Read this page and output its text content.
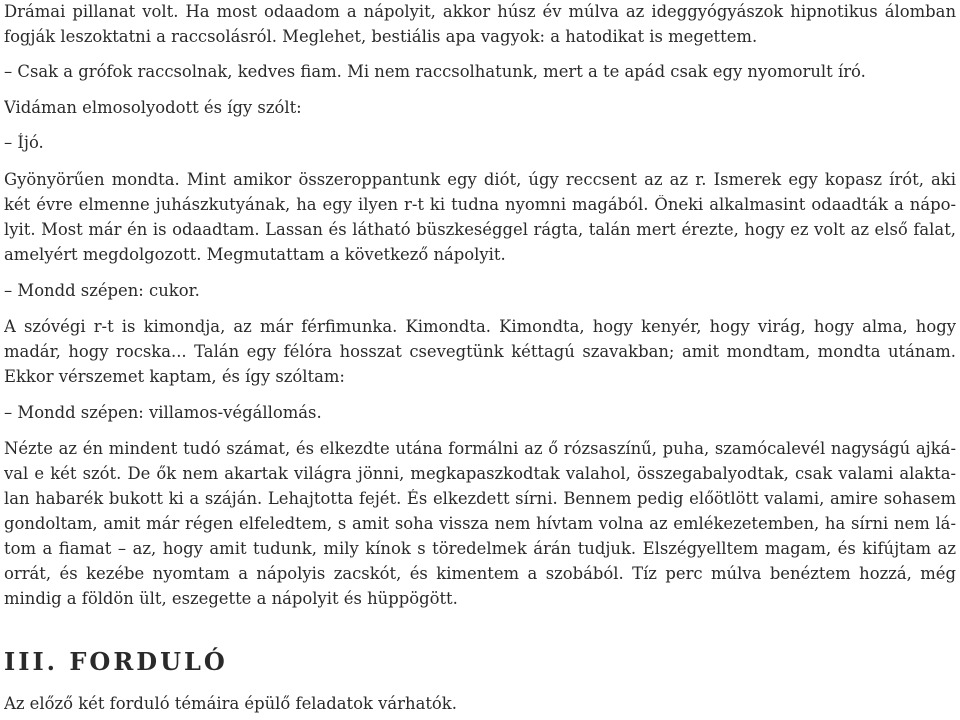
Drámai pillanat volt. Ha most odaadom a nápolyit, akkor húsz év múlva az ideggyógyászok hipnotikus álomban

fogják leszoktatni a raccsolásról. Meglehet, bestiális apa vagyok: a hatodikat is megettem.

– Csak a grófok raccsolnak, kedves fiam. Mi nem raccsolhatunk, mert a te apád csak egy nyomorult író.

Vidáman elmosolyodott és így szólt:

– Íjó.

Gyönyörűen mondta. Mint amikor összeroppantunk egy diót, úgy reccsent az az r. Ismerek egy kopasz írót, aki

két évre elmenne juhászkutyának, ha egy ilyen r-t ki tudna nyomni magából. Őneki alkalmasint odaadták a nápo-

lyit. Most már én is odaadtam. Lassan és látható büszkeséggel rágta, talán mert érezte, hogy ez volt az első falat,

amelyért megdolgozott. Megmutattam a következő nápolyit.

– Mondd szépen: cukor.

A szóvégi r-t is kimondja, az már férfimunka. Kimondta. Kimondta, hogy kenyér, hogy virág, hogy alma, hogy

madár, hogy rocska... Talán egy félóra hosszat csevegtünk kéttagú szavakban; amit mondtam, mondta utánam.

Ekkor vérszemet kaptam, és így szóltam:

– Mondd szépen: villamos-végállomás.

Nézte az én mindent tudó számat, és elkezdte utána formálni az ő rózsaszínű, puha, szamócalevél nagyságú ajká-

val e két szót. De ők nem akartak világra jönni, megkapaszkodtak valahol, összegabalyodtak, csak valami alakta-

lan habarék bukott ki a száján. Lehajtotta fejét. És elkezdett sírni. Bennem pedig előötlött valami, amire sohasem

gondoltam, amit már régen elfeledtem, s amit soha vissza nem hívtam volna az emlékezetemben, ha sírni nem lá-

tom a fiamat – az, hogy amit tudunk, mily kínok s töredelmek árán tudjuk. Elszégyelltem magam, és kifújtam az

orrát, és kezébe nyomtam a nápolyis zacskót, és kimentem a szobából. Tíz perc múlva benéztem hozzá, még

mindig a földön ült, eszegette a nápolyit és hüppögött.

III. FORDULÓ

Az előző két forduló témáira épülő feladatok várhatók.
